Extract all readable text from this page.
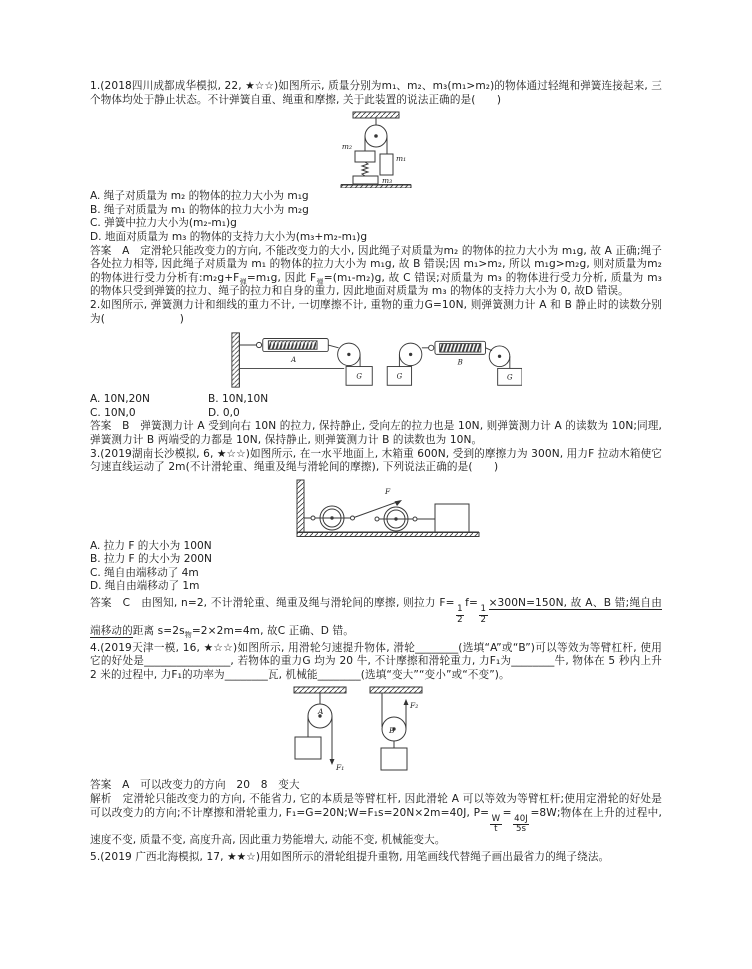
1.(2018四川成都成华模拟, 22, ★☆☆)如图所示, 质量分别为m₁、m₂、m₃(m₁>m₂)的物体通过轻绳和弹簧连接起来, 三个物体均处于静止状态。不计弹簧自重、绳重和摩擦, 关于此装置的说法正确的是(　　)

m₂
m₁
m₃

A. 绳子对质量为 m₂ 的物体的拉力大小为 m₁g

B. 绳子对质量为 m₁ 的物体的拉力大小为 m₂g

C. 弹簧中拉力大小为(m₂-m₁)g

D. 地面对质量为 m₃ 的物体的支持力大小为(m₃+m₂-m₁)g

答案　A　定滑轮只能改变力的方向, 不能改变力的大小, 因此绳子对质量为m₂ 的物体的拉力大小为 m₁g, 故 A 正确;绳子各处拉力相等, 因此绳子对质量为 m₁ 的物体的拉力大小为 m₁g, 故 B 错误;因 m₁>m₂, 所以 m₁g>m₂g, 则对质量为m₂ 的物体进行受力分析有$:m_2g+F_弹=m_1g$, 因此 $F_弹=(m_1-m_2)g$, 故 C 错误;对质量为 m₃ 的物体进行受力分析, 质量为 m₃ 的物体只受到弹簧的拉力、绳子的拉力和自身的重力, 因此地面对质量为 m₃ 的物体的支持力大小为 0, 故D 错误。

2.如图所示, 弹簧测力计和细线的重力不计, 一切摩擦不计, 重物的重力G=10N, 则弹簧测力计 A 和 B 静止时的读数分别为(　　　　　　　)

A
G	G
B
G
A. 10N,20N	B. 10N,10N
C. 10N,0	D. 0,0

答案　B　弹簧测力计 A 受到向右 10N 的拉力, 保持静止, 受向左的拉力也是 10N, 则弹簧测力计 A 的读数为 10N;同理, 弹簧测力计 B 两端受的力都是 10N, 保持静止, 则弹簧测力计 B 的读数也为 10N。

3.(2019湖南长沙模拟, 6, ★☆☆)如图所示, 在一水平地面上, 木箱重 600N, 受到的摩擦力为 300N, 用力F 拉动木箱使它匀速直线运动了 2m(不计滑轮重、绳重及绳与滑轮间的摩擦), 下列说法正确的是(　　)

F

A. 拉力 F 的大小为 100N

B. 拉力 F 的大小为 200N

C. 绳自由端移动了 4m

D. 绳自由端移动了 1m

答案　C　由图知, n=2, 不计滑轮重、绳重及绳与滑轮间的摩擦, 则拉力 F=
$\frac{1}{2}$
f=
$\frac{1}{2}$
×300N=150N, 故 A、B 错;绳自由端移动的距离 $s=2s_物=2\times 2m=4m$, 故C 正确、D 错。

4.(2019天津一模, 16, ★☆☆)如图所示, 用滑轮匀速提升物体, 滑轮________(选填“A”或“B”)可以等效为等臂杠杆, 使用它的好处是________________, 若物体的重力G 均为 20 牛, 不计摩擦和滑轮重力, 力F₁为________牛, 物体在 5 秒内上升 2 米的过程中, 力F₁的功率为________瓦, 机械能________(选填“变大”“变小”或“不变”)。

A
B
F₁
F₂

答案　A　可以改变力的方向　20　8　变大

解析　定滑轮只能改变力的方向, 不能省力, 它的本质是等臂杠杆, 因此滑轮 A 可以等效为等臂杠杆;使用定滑轮的好处是可以改变力的方向;不计摩擦和滑轮重力, F₁=G=20N;W=F₁s=20N×2m=40J, P=
$\frac{W}{t}$
=
$\frac{40J}{5s}$
=8W;物体在上升的过程中, 速度不变, 质量不变, 高度升高, 因此重力势能增大, 动能不变, 机械能变大。

5.(2019 广西北海模拟, 17, ★★☆)用如图所示的滑轮组提升重物, 用笔画线代替绳子画出最省力的绳子绕法。
